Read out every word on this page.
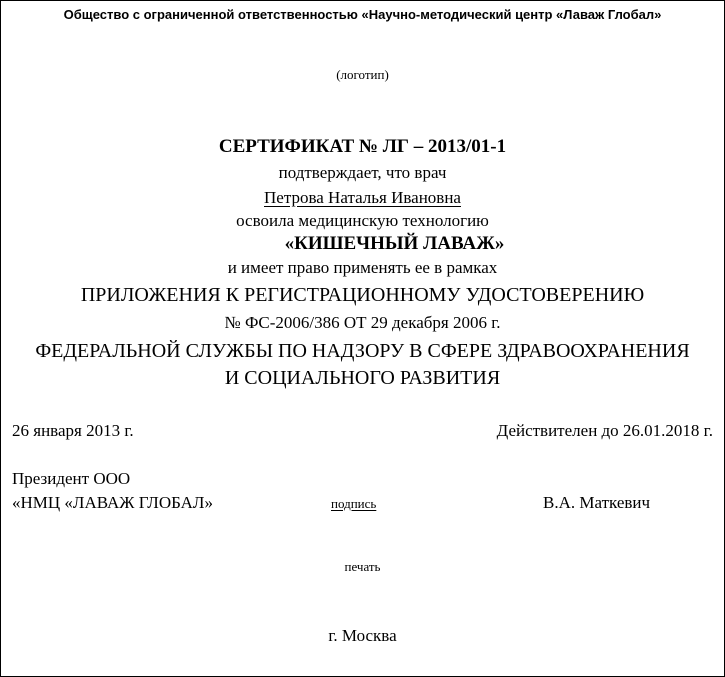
Общество с ограниченной ответственностью «Научно-методический центр «Лаваж Глобал»
(логотип)
СЕРТИФИКАТ № ЛГ – 2013/01-1
подтверждает, что врач
Петрова Наталья Ивановна
освоила медицинскую технологию
«КИШЕЧНЫЙ ЛАВАЖ»
и имеет право применять ее в рамках
ПРИЛОЖЕНИЯ К РЕГИСТРАЦИОННОМУ УДОСТОВЕРЕНИЮ
№ ФС-2006/386 ОТ 29 декабря 2006 г.
ФЕДЕРАЛЬНОЙ СЛУЖБЫ ПО НАДЗОРУ В СФЕРЕ ЗДРАВООХРАНЕНИЯ
И СОЦИАЛЬНОГО РАЗВИТИЯ
26 января 2013 г.	Действителен до 26.01.2018 г.
Президент ООО
«НМЦ «ЛАВАЖ ГЛОБАЛ»	подпись	В.А. Маткевич
печать
г. Москва
